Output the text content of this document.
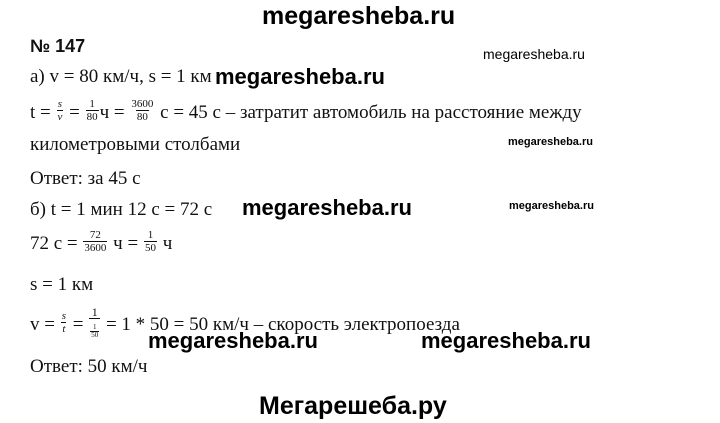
megaresheba.ru
megaresheba.ru
megaresheba.ru
megaresheba.ru
megaresheba.ru	megaresheba.ru
megaresheba.ru	megaresheba.ru
Мегарешеба.ру
№ 147
а) v = 80 км/ч, s = 1 км
$t = \frac{s}{v} = \frac{1}{80}$ $ч = \frac{3600}{80}$ с = 45 с – затратит автомобиль на расстояние между
километровыми столбами
Ответ: за 45 с
б) t = 1 мин 12 с = 72 с
72 $с = \frac{72}{3600}$ $ч = \frac{1}{50}$ ч
s = 1 км
$v = \frac{s}{t} = \frac{1}{\frac{1}{50}} = 1 * 50 = 50$ км/ч – скорость электропоезда
Ответ: 50 км/ч
